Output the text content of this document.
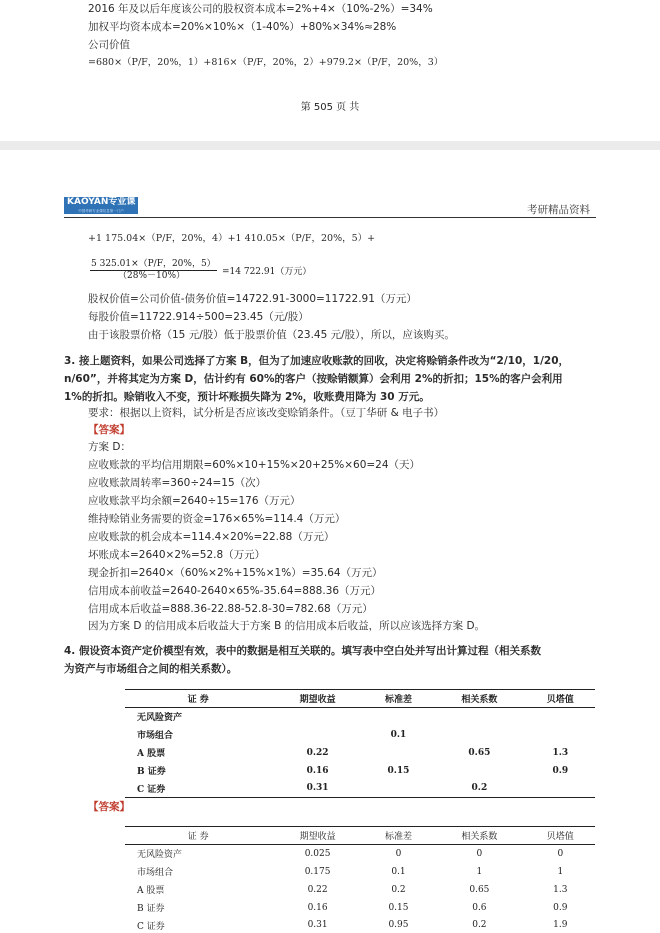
2016 年及以后年度该公司的股权资本成本=2%+4×（10%-2%）=34%
加权平均资本成本=20%×10%×（1-40%）+80%×34%≈28%
公司价值
=680×（P/F，20%，1）+816×（P/F，20%，2）+979.2×（P/F，20%，3）
第 505 页 共
KAOYAN专业课
中国考研专业课信息第一门户	考研精品资料
+1 175.04×（P/F，20%，4）+1 410.05×（P/F，20%，5）+
$\frac{5 325.01\times(P/F,20\%,5)}{(28\%-10\%)} =14$ 722.91（万元）
股权价值=公司价值-债务价值=14722.91-3000=11722.91（万元）
每股价值=11722.914÷500=23.45（元/股）
由于该股票价格（15 元/股）低于股票价值（23.45 元/股），所以，应该购买。
3. 接上题资料，如果公司选择了方案 B，但为了加速应收账款的回收，决定将赊销条件改为“2/10，1/20，
n/60”，并将其定为方案 D，估计约有 60%的客户（按赊销额算）会利用 2%的折扣；15%的客户会利用
1%的折扣。赊销收入不变，预计坏账损失降为 2%，收账费用降为 30 万元。
要求：根据以上资料，试分析是否应该改变赊销条件。（豆丁华研 & 电子书）
【答案】
方案 D：
应收账款的平均信用期限=60%×10+15%×20+25%×60=24（天）
应收账款周转率=360÷24=15（次）
应收账款平均余额=2640÷15=176（万元）
维持赊销业务需要的资金=176×65%=114.4（万元）
应收账款的机会成本=114.4×20%=22.88（万元）
坏账成本=2640×2%=52.8（万元）
现金折扣=2640×（60%×2%+15%×1%）=35.64（万元）
信用成本前收益=2640-2640×65%-35.64=888.36（万元）
信用成本后收益=888.36-22.88-52.8-30=782.68（万元）
因为方案 D 的信用成本后收益大于方案 B 的信用成本后收益，所以应该选择方案 D。
4. 假设资本资产定价模型有效，表中的数据是相互关联的。填写表中空白处并写出计算过程（相关系数
为资产与市场组合之间的相关系数）。
证 券	期望收益	标准差	相关系数	贝塔值
无风险资产				
市场组合		0.1		
A 股票	0.22		0.65	1.3
B 证券	0.16	0.15		0.9
C 证券	0.31		0.2	
【答案】
证 券	期望收益	标准差	相关系数	贝塔值
无风险资产	0.025	0	0	0
市场组合	0.175	0.1	1	1
A 股票	0.22	0.2	0.65	1.3
B 证券	0.16	0.15	0.6	0.9
C 证券	0.31	0.95	0.2	1.9
